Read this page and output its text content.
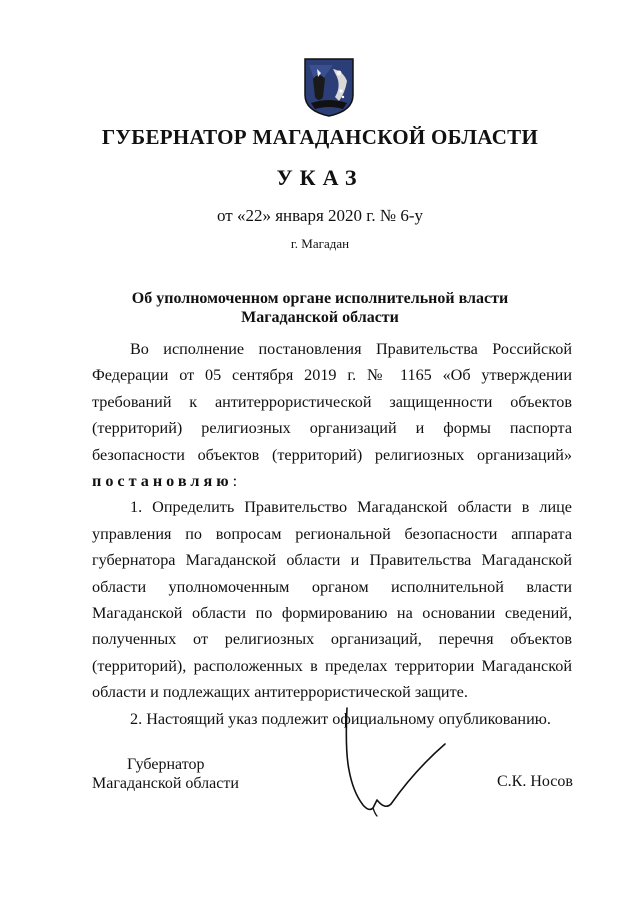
ГУБЕРНАТОР МАГАДАНСКОЙ ОБЛАСТИ
УКАЗ
от «22» января 2020 г. № 6-у
г. Магадан
Об уполномоченном органе исполнительной власти
Магаданской области

Во исполнение постановления Правительства Российской Федерации от 05 сентября 2019 г. № 1165 «Об утверждении требований к антитеррористической защищенности объектов (территорий) религиозных организаций и формы паспорта безопасности объектов (территорий) религиозных организаций» постановляю:

1. Определить Правительство Магаданской области в лице управления по вопросам региональной безопасности аппарата губернатора Магаданской области и Правительства Магаданской области уполномоченным органом исполнительной власти Магаданской области по формированию на основании сведений, полученных от религиозных организаций, перечня объектов (территорий), расположенных в пределах территории Магаданской области и подлежащих антитеррористической защите.

2. Настоящий указ подлежит официальному опубликованию.

Губернатор
Магаданской области	С.К. Носов
